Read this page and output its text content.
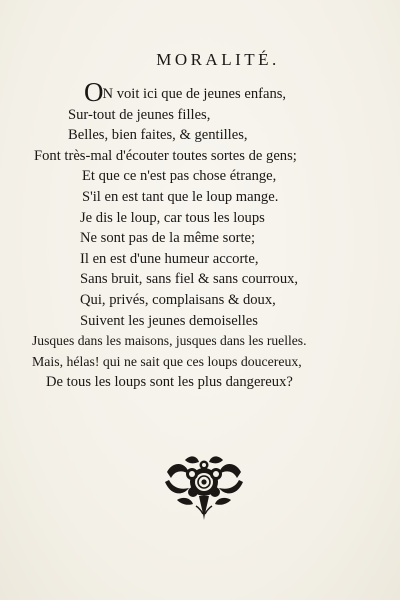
MORALITÉ.
ON voit ici que de jeunes enfans,
Sur-tout de jeunes filles,
Belles, bien faites, & gentilles,
Font très-mal d'écouter toutes sortes de gens;
Et que ce n'est pas chose étrange,
S'il en est tant que le loup mange.
Je dis le loup, car tous les loups
Ne sont pas de la même sorte;
Il en est d'une humeur accorte,
Sans bruit, sans fiel & sans courroux,
Qui, privés, complaisans & doux,
Suivent les jeunes demoiselles
Jusques dans les maisons, jusques dans les ruelles.
Mais, hélas! qui ne sait que ces loups doucereux,
De tous les loups sont les plus dangereux?
